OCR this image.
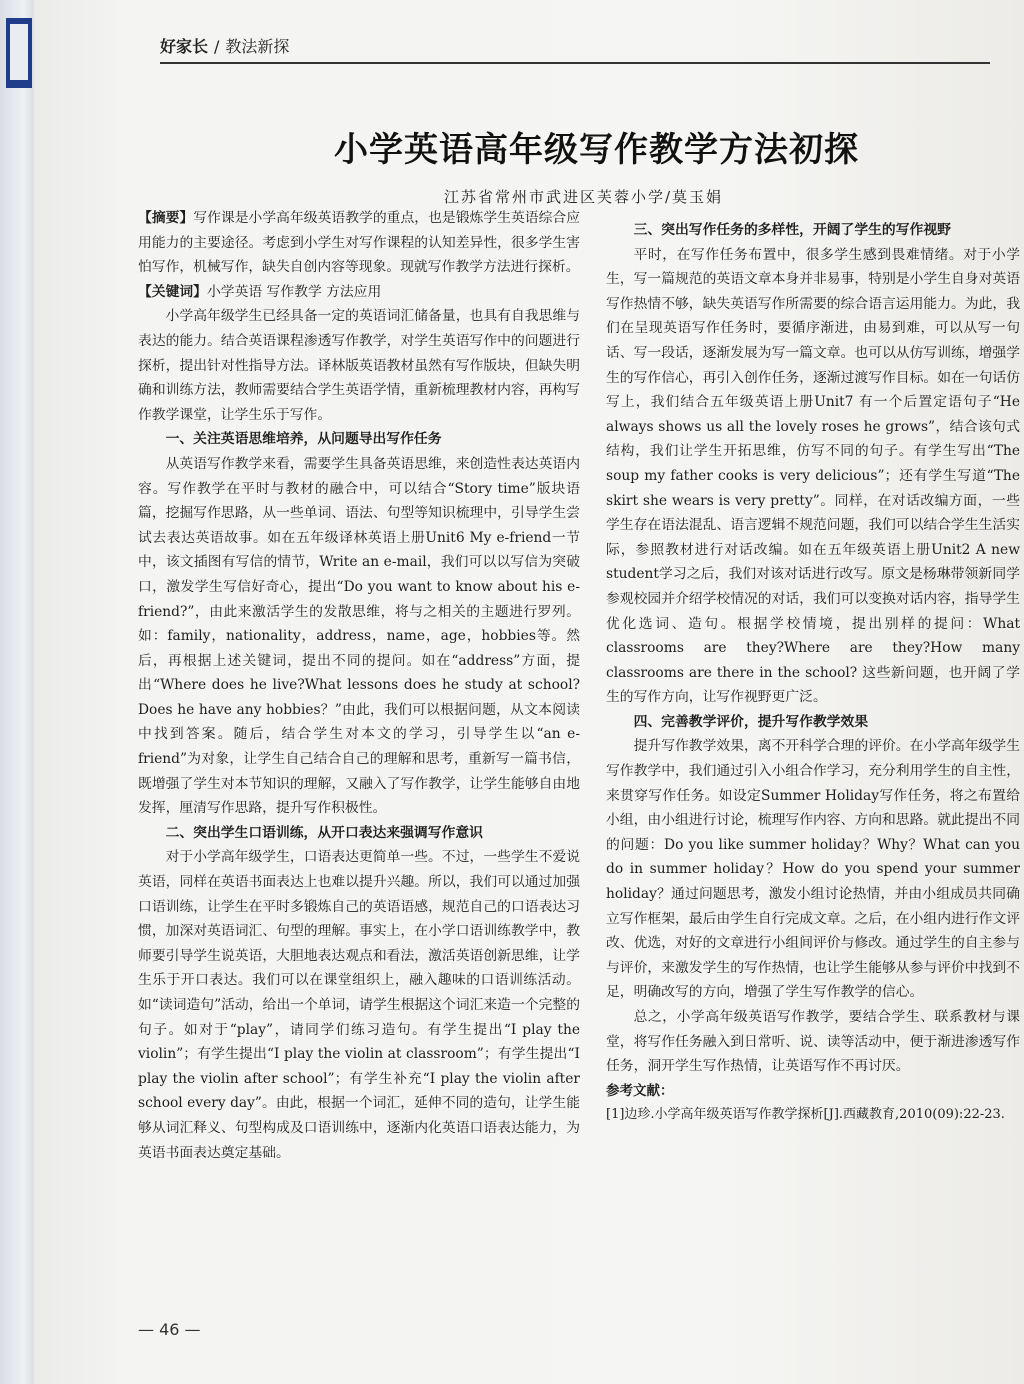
好家长 / 教法新探
小学英语高年级写作教学方法初探
江苏省常州市武进区芙蓉小学/莫玉娟

【摘要】写作课是小学高年级英语教学的重点，也是锻炼学生英语综合应用能力的主要途径。考虑到小学生对写作课程的认知差异性，很多学生害怕写作，机械写作，缺失自创内容等现象。现就写作教学方法进行探析。

【关键词】小学英语 写作教学 方法应用

小学高年级学生已经具备一定的英语词汇储备量，也具有自我思维与表达的能力。结合英语课程渗透写作教学，对学生英语写作中的问题进行探析，提出针对性指导方法。译林版英语教材虽然有写作版块，但缺失明确和训练方法，教师需要结合学生英语学情，重新梳理教材内容，再构写作教学课堂，让学生乐于写作。

一、关注英语思维培养，从问题导出写作任务

从英语写作教学来看，需要学生具备英语思维，来创造性表达英语内容。写作教学在平时与教材的融合中，可以结合“Story time”版块语篇，挖掘写作思路，从一些单词、语法、句型等知识梳理中，引导学生尝试去表达英语故事。如在五年级译林英语上册Unit6 My e-friend一节中，该文插图有写信的情节，Write an e-mail，我们可以以写信为突破口，激发学生写信好奇心，提出“Do you want to know about his e-friend?”，由此来激活学生的发散思维，将与之相关的主题进行罗列。如：family，nationality，address，name，age，hobbies等。然后，再根据上述关键词，提出不同的提问。如在“address”方面，提出“Where does he live?What lessons does he study at school? Does he have any hobbies？”由此，我们可以根据问题，从文本阅读中找到答案。随后，结合学生对本文的学习，引导学生以“an e-friend”为对象，让学生自己结合自己的理解和思考，重新写一篇书信，既增强了学生对本节知识的理解，又融入了写作教学，让学生能够自由地发挥，厘清写作思路，提升写作积极性。

二、突出学生口语训练，从开口表达来强调写作意识

对于小学高年级学生，口语表达更简单一些。不过，一些学生不爱说英语，同样在英语书面表达上也难以提升兴趣。所以，我们可以通过加强口语训练，让学生在平时多锻炼自己的英语语感，规范自己的口语表达习惯，加深对英语词汇、句型的理解。事实上，在小学口语训练教学中，教师要引导学生说英语，大胆地表达观点和看法，激活英语创新思维，让学生乐于开口表达。我们可以在课堂组织上，融入趣味的口语训练活动。如“读词造句”活动，给出一个单词，请学生根据这个词汇来造一个完整的句子。如对于“play”，请同学们练习造句。有学生提出“I play the violin”；有学生提出“I play the violin at classroom”；有学生提出“I play the violin after school”；有学生补充“I play the violin after school every day”。由此，根据一个词汇，延伸不同的造句，让学生能够从词汇释义、句型构成及口语训练中，逐渐内化英语口语表达能力，为英语书面表达奠定基础。

三、突出写作任务的多样性，开阔了学生的写作视野

平时，在写作任务布置中，很多学生感到畏难情绪。对于小学生，写一篇规范的英语文章本身并非易事，特别是小学生自身对英语写作热情不够，缺失英语写作所需要的综合语言运用能力。为此，我们在呈现英语写作任务时，要循序渐进，由易到难，可以从写一句话、写一段话，逐渐发展为写一篇文章。也可以从仿写训练，增强学生的写作信心，再引入创作任务，逐渐过渡写作目标。如在一句话仿写上，我们结合五年级英语上册Unit7 有一个后置定语句子“He always shows us all the lovely roses he grows”，结合该句式结构，我们让学生开拓思维，仿写不同的句子。有学生写出“The soup my father cooks is very delicious”；还有学生写道“The skirt she wears is very pretty”。同样，在对话改编方面，一些学生存在语法混乱、语言逻辑不规范问题，我们可以结合学生生活实际，参照教材进行对话改编。如在五年级英语上册Unit2 A new student学习之后，我们对该对话进行改写。原文是杨琳带领新同学参观校园并介绍学校情况的对话，我们可以变换对话内容，指导学生优化选词、造句。根据学校情境，提出别样的提问：What classrooms are they?Where are they?How many classrooms are there in the school? 这些新问题，也开阔了学生的写作方向，让写作视野更广泛。

四、完善教学评价，提升写作教学效果

提升写作教学效果，离不开科学合理的评价。在小学高年级学生写作教学中，我们通过引入小组合作学习，充分利用学生的自主性，来贯穿写作任务。如设定Summer Holiday写作任务，将之布置给小组，由小组进行讨论，梳理写作内容、方向和思路。就此提出不同的问题：Do you like summer holiday？Why？What can you do in summer holiday？How do you spend your summer holiday？通过问题思考，激发小组讨论热情，并由小组成员共同确立写作框架，最后由学生自行完成文章。之后，在小组内进行作文评改、优选，对好的文章进行小组间评价与修改。通过学生的自主参与与评价，来激发学生的写作热情，也让学生能够从参与评价中找到不足，明确改写的方向，增强了学生写作教学的信心。

总之，小学高年级英语写作教学，要结合学生、联系教材与课堂，将写作任务融入到日常听、说、读等活动中，便于渐进渗透写作任务，洞开学生写作热情，让英语写作不再讨厌。

参考文献：

[1]边珍.小学高年级英语写作教学探析[J].西藏教育,2010(09):22-23.

— 46 —
